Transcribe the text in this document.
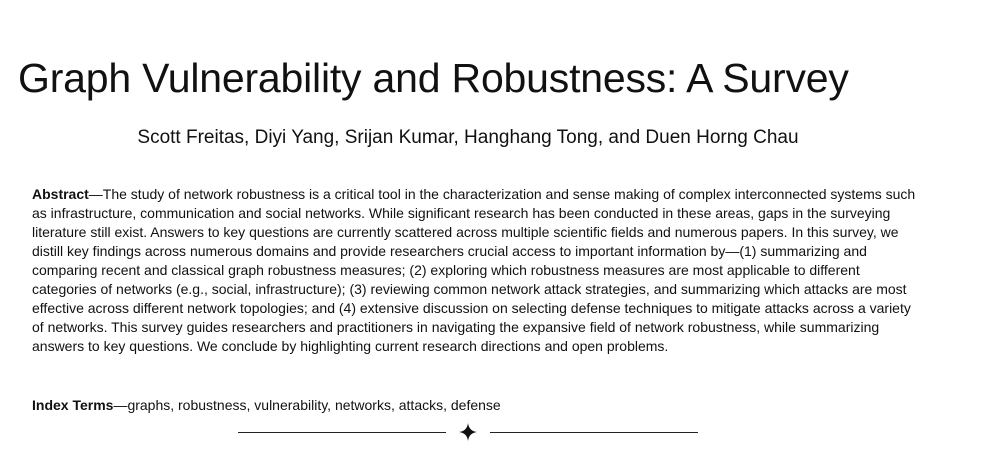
Graph Vulnerability and Robustness: A Survey
Scott Freitas, Diyi Yang, Srijan Kumar, Hanghang Tong, and Duen Horng Chau

Abstract—The study of network robustness is a critical tool in the characterization and sense making of complex interconnected systems such as infrastructure, communication and social networks. While significant research has been conducted in these areas, gaps in the surveying literature still exist. Answers to key questions are currently scattered across multiple scientific fields and numerous papers. In this survey, we distill key findings across numerous domains and provide researchers crucial access to important information by—(1) summarizing and comparing recent and classical graph robustness measures; (2) exploring which robustness measures are most applicable to different categories of networks (e.g., social, infrastructure); (3) reviewing common network attack strategies, and summarizing which attacks are most effective across different network topologies; and (4) extensive discussion on selecting defense techniques to mitigate attacks across a variety of networks. This survey guides researchers and practitioners in navigating the expansive field of network robustness, while summarizing answers to key questions. We conclude by highlighting current research directions and open problems.

Index Terms—graphs, robustness, vulnerability, networks, attacks, defense
